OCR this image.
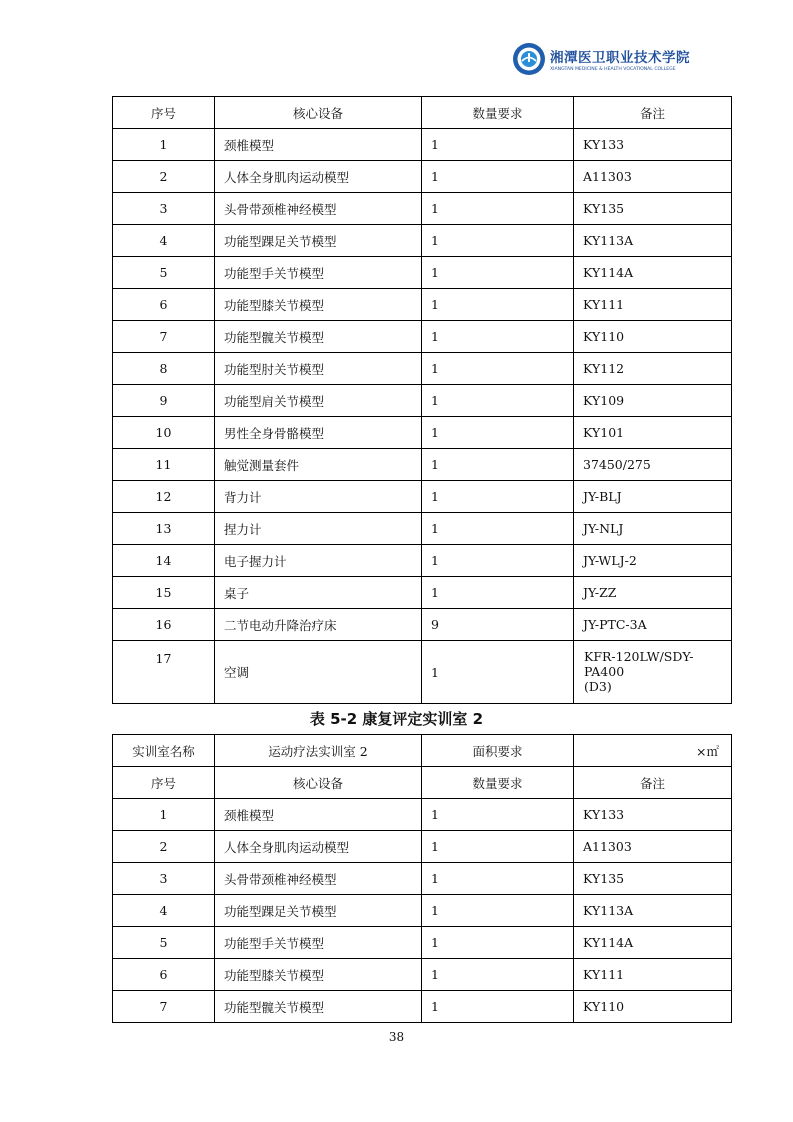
湘潭医卫职业技术学院
XIANGTAN MEDICINE & HEALTH VOCATIONAL COLLEGE
序号	核心设备	数量要求	备注
1	颈椎模型	1	KY133
2	人体全身肌肉运动模型	1	A11303
3	头骨带颈椎神经模型	1	KY135
4	功能型踝足关节模型	1	KY113A
5	功能型手关节模型	1	KY114A
6	功能型膝关节模型	1	KY111
7	功能型髋关节模型	1	KY110
8	功能型肘关节模型	1	KY112
9	功能型肩关节模型	1	KY109
10	男性全身骨骼模型	1	KY101
11	触觉测量套件	1	37450/275
12	背力计	1	JY-BLJ
13	捏力计	1	JY-NLJ
14	电子握力计	1	JY-WLJ-2
15	桌子	1	JY-ZZ
16	二节电动升降治疗床	9	JY-PTC-3A

17	空调	1	KFR-120LW/SDY-PA400
(D3)
表 5-2 康复评定实训室 2
实训室名称	运动疗法实训室 2	面积要求	×㎡
序号	核心设备	数量要求	备注
1	颈椎模型	1	KY133
2	人体全身肌肉运动模型	1	A11303
3	头骨带颈椎神经模型	1	KY135
4	功能型踝足关节模型	1	KY113A
5	功能型手关节模型	1	KY114A
6	功能型膝关节模型	1	KY111
7	功能型髋关节模型	1	KY110
38
